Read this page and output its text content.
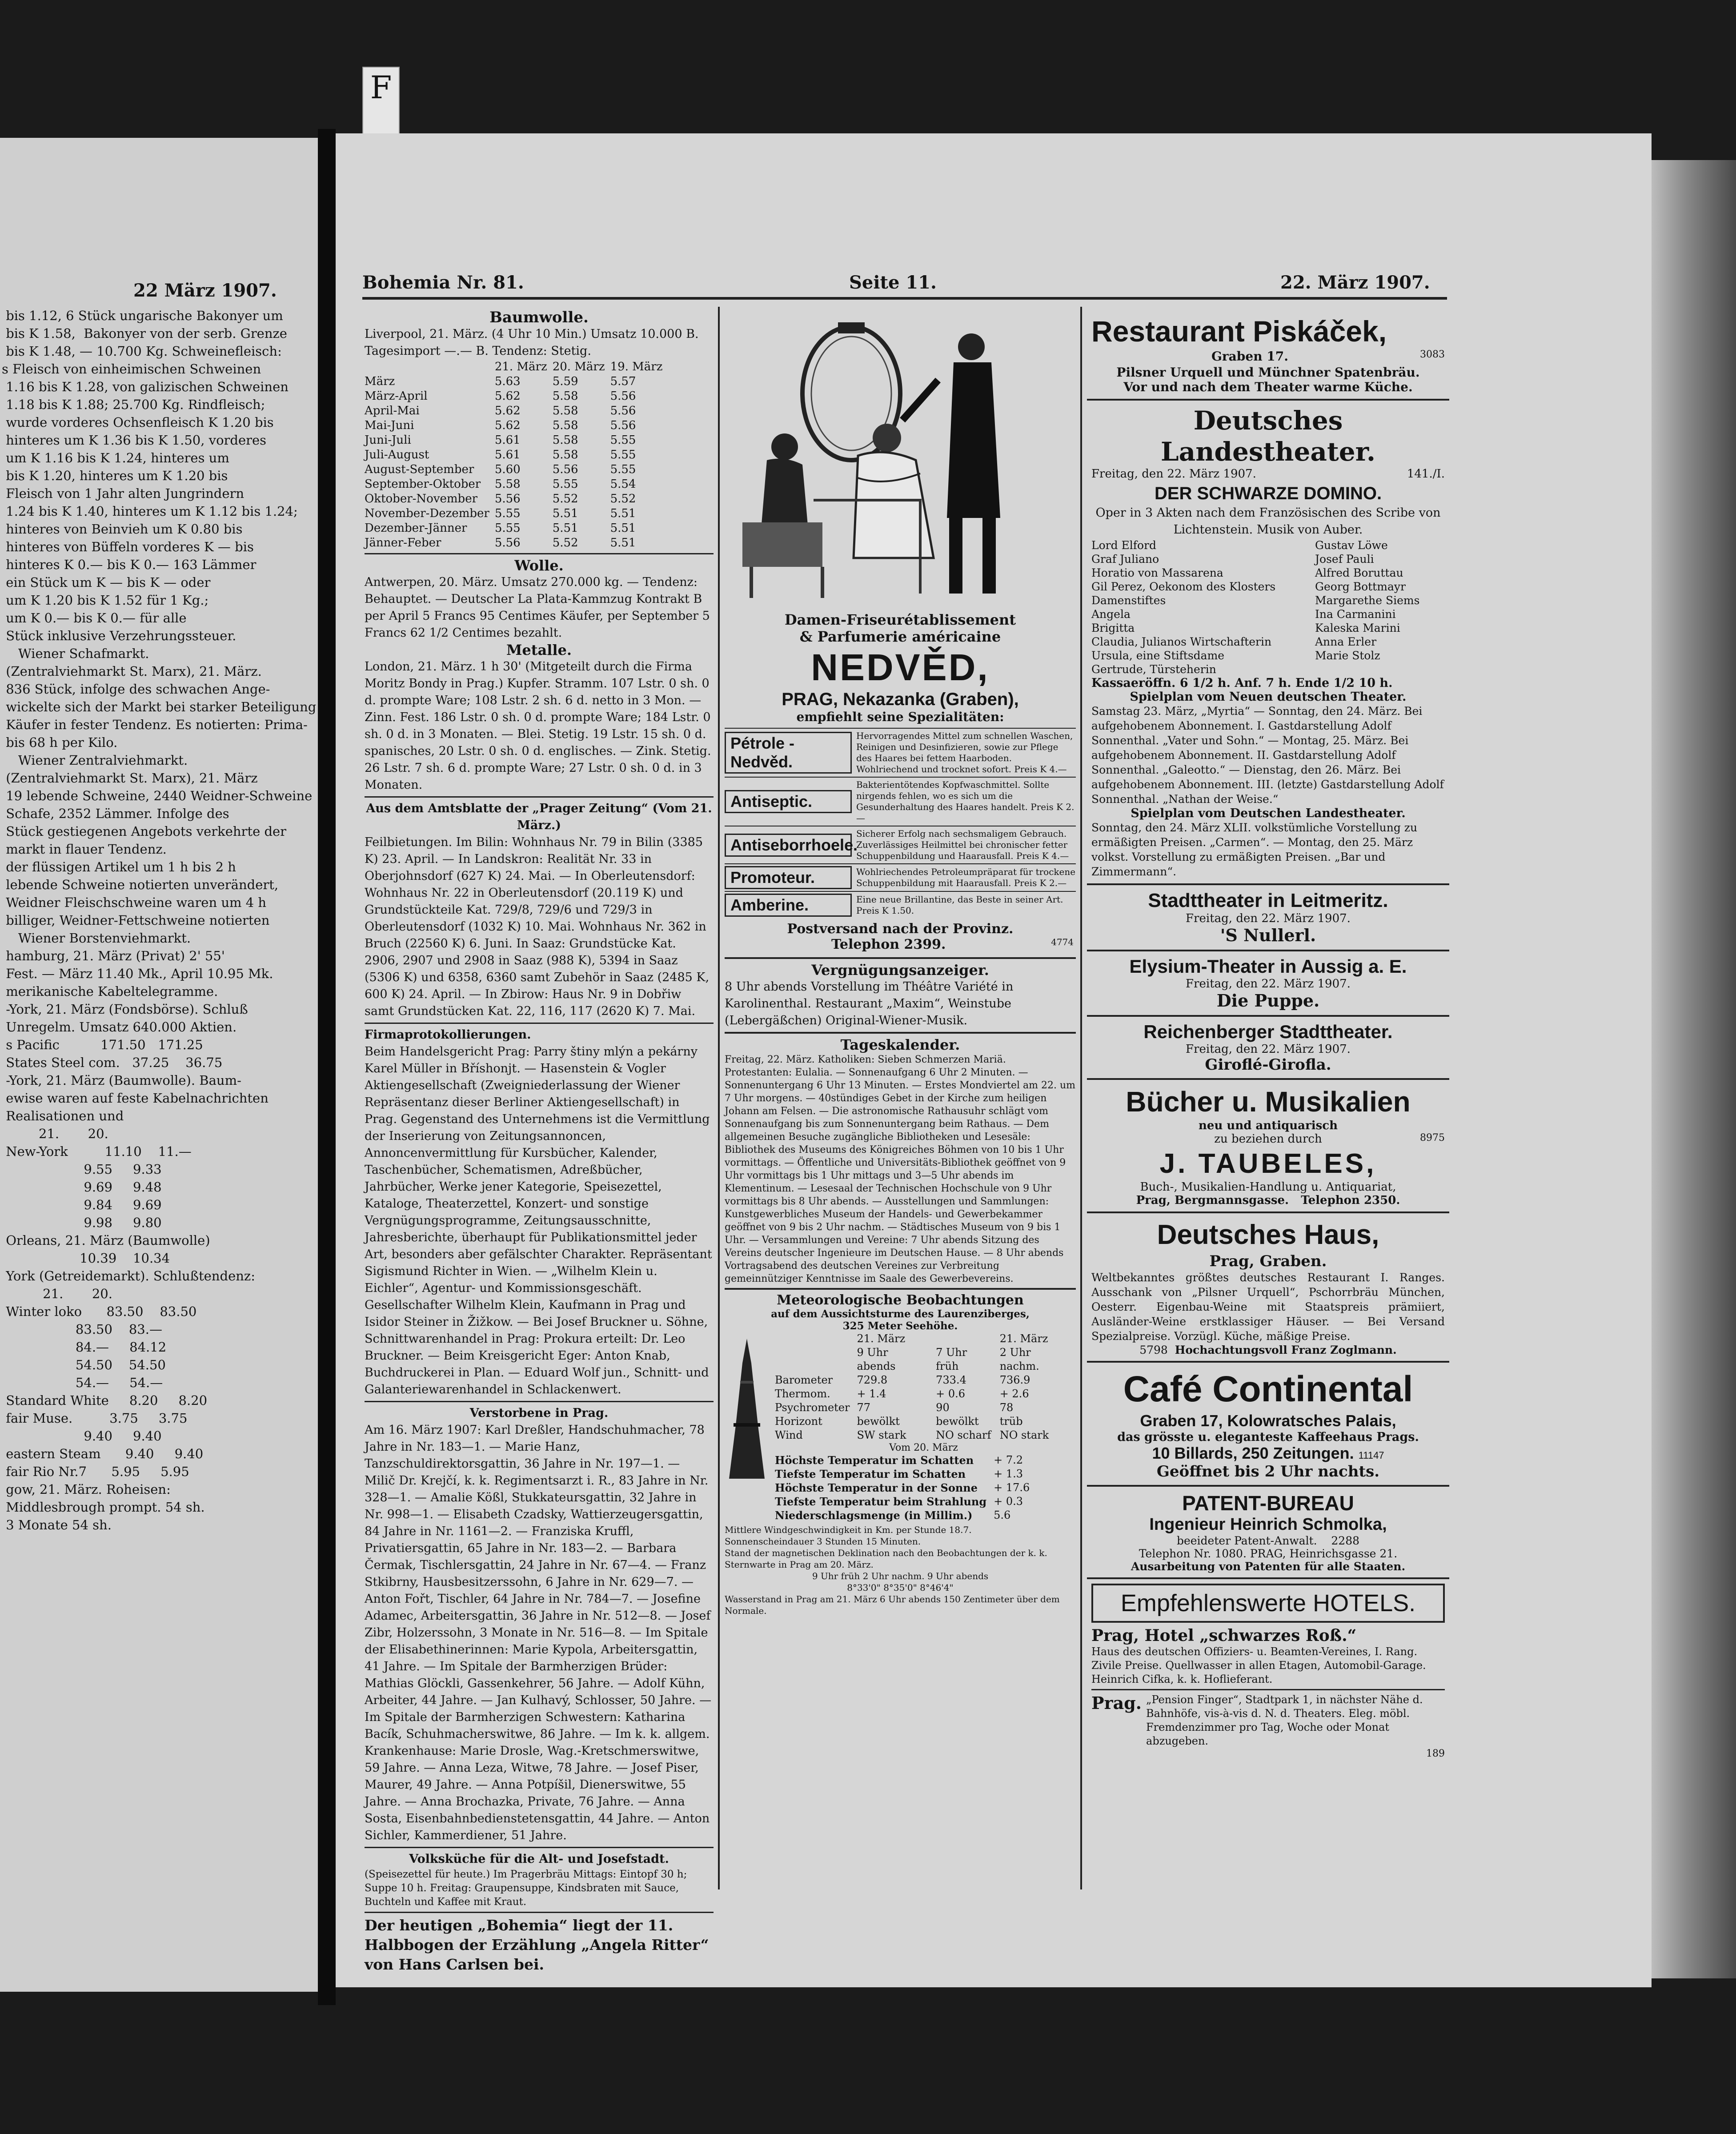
22 März 1907.
bis 1.12, 6 Stück ungarische Bakonyer um
bis K 1.58,  Bakonyer von der serb. Grenze
bis K 1.48, — 10.700 Kg. Schweinefleisch:
s Fleisch von einheimischen Schweinen
1.16 bis K 1.28, von galizischen Schweinen
1.18 bis K 1.88; 25.700 Kg. Rindfleisch;
wurde vorderes Ochsenfleisch K 1.20 bis
hinteres um K 1.36 bis K 1.50, vorderes
um K 1.16 bis K 1.24, hinteres um
bis K 1.20, hinteres um K 1.20 bis
Fleisch von 1 Jahr alten Jungrindern
1.24 bis K 1.40, hinteres um K 1.12 bis 1.24;
hinteres von Beinvieh um K 0.80 bis
hinteres von Büffeln vorderes K — bis
hinteres K 0.— bis K 0.— 163 Lämmer
ein Stück um K — bis K — oder
um K 1.20 bis K 1.52 für 1 Kg.;
um K 0.— bis K 0.— für alle
Stück inklusive Verzehrungssteuer.
Wiener Schafmarkt.
(Zentralviehmarkt St. Marx), 21. März.
836 Stück, infolge des schwachen Ange-
wickelte sich der Markt bei starker Beteiligung
Käufer in fester Tendenz. Es notierten: Prima-
bis 68 h per Kilo.
Wiener Zentralviehmarkt.
(Zentralviehmarkt St. Marx), 21. März
19 lebende Schweine, 2440 Weidner-Schweine
Schafe, 2352 Lämmer. Infolge des
Stück gestiegenen Angebots verkehrte der
markt in flauer Tendenz.
der flüssigen Artikel um 1 h bis 2 h
lebende Schweine notierten unverändert,
Weidner Fleischschweine waren um 4 h
billiger, Weidner-Fettschweine notierten
Wiener Borstenviehmarkt.
hamburg, 21. März (Privat) 2' 55'
Fest. — März 11.40 Mk., April 10.95 Mk.
merikanische Kabeltelegramme.
-York, 21. März (Fondsbörse). Schluß
Unregelm. Umsatz 640.000 Aktien.
s Pacific          171.50   171.25
States Steel com.   37.25    36.75
-York, 21. März (Baumwolle). Baum-
ewise waren auf feste Kabelnachrichten
Realisationen und
21.       20.
New-York         11.10    11.—
9.55     9.33
9.69     9.48
9.84     9.69
9.98     9.80
Orleans, 21. März (Baumwolle)
10.39    10.34
York (Getreidemarkt). Schlußtendenz:
21.       20.
Winter loko      83.50    83.50
83.50    83.—
84.—     84.12
54.50    54.50
54.—     54.—
Standard White     8.20     8.20
fair Muse.         3.75     3.75
9.40     9.40
eastern Steam      9.40     9.40
fair Rio Nr.7      5.95     5.95
gow, 21. März. Roheisen:
Middlesbrough prompt. 54 sh.
3 Monate 54 sh.
F
Bohemia Nr. 81.	Seite 11.	22. März 1907.

Baumwolle.

Liverpool, 21. März. (4 Uhr 10 Min.) Umsatz 10.000 B. Tagesimport —.— B. Tendenz: Stetig.

	21. März	20. März	19. März
März	5.63	5.59	5.57
März-April	5.62	5.58	5.56
April-Mai	5.62	5.58	5.56
Mai-Juni	5.62	5.58	5.56
Juni-Juli	5.61	5.58	5.55
Juli-August	5.61	5.58	5.55
August-September	5.60	5.56	5.55
September-Oktober	5.58	5.55	5.54
Oktober-November	5.56	5.52	5.52
November-Dezember	5.55	5.51	5.51
Dezember-Jänner	5.55	5.51	5.51
Jänner-Feber	5.56	5.52	5.51

Wolle.

Antwerpen, 20. März. Umsatz 270.000 kg. — Tendenz: Behauptet. — Deutscher La Plata-Kammzug Kontrakt B per April 5 Francs 95 Centimes Käufer, per September 5 Francs 62 1/2 Centimes bezahlt.

Metalle.

London, 21. März. 1 h 30' (Mitgeteilt durch die Firma Moritz Bondy in Prag.) Kupfer. Stramm. 107 Lstr. 0 sh. 0 d. prompte Ware; 108 Lstr. 2 sh. 6 d. netto in 3 Mon. — Zinn. Fest. 186 Lstr. 0 sh. 0 d. prompte Ware; 184 Lstr. 0 sh. 0 d. in 3 Monaten. — Blei. Stetig. 19 Lstr. 15 sh. 0 d. spanisches, 20 Lstr. 0 sh. 0 d. englisches. — Zink. Stetig. 26 Lstr. 7 sh. 6 d. prompte Ware; 27 Lstr. 0 sh. 0 d. in 3 Monaten.

Aus dem Amtsblatte der „Prager Zeitung“ (Vom 21. März.)

Feilbietungen. Im Bilin: Wohnhaus Nr. 79 in Bilin (3385 K) 23. April. — In Landskron: Realität Nr. 33 in Oberjohnsdorf (627 K) 24. Mai. — In Oberleutensdorf: Wohnhaus Nr. 22 in Oberleutensdorf (20.119 K) und Grundstückteile Kat. 729/8, 729/6 und 729/3 in Oberleutensdorf (1032 K) 10. Mai. Wohnhaus Nr. 362 in Bruch (22560 K) 6. Juni. In Saaz: Grundstücke Kat. 2906, 2907 und 2908 in Saaz (988 K), 5394 in Saaz (5306 K) und 6358, 6360 samt Zubehör in Saaz (2485 K, 600 K) 24. April. — In Zbirow: Haus Nr. 9 in Dobřiw samt Grundstücken Kat. 22, 116, 117 (2620 K) 7. Mai.

Firmaprotokollierungen.

Beim Handelsgericht Prag: Parry štiny mlýn a pekárny Karel Müller in Bříshonjt. — Hasenstein & Vogler Aktiengesellschaft (Zweigniederlassung der Wiener Repräsentanz dieser Berliner Aktiengesellschaft) in Prag. Gegenstand des Unternehmens ist die Vermittlung der Inserierung von Zeitungsannoncen, Annoncenvermittlung für Kursbücher, Kalender, Taschenbücher, Schematismen, Adreßbücher, Jahrbücher, Werke jener Kategorie, Speisezettel, Kataloge, Theaterzettel, Konzert- und sonstige Vergnügungsprogramme, Zeitungsausschnitte, Jahresberichte, überhaupt für Publikationsmittel jeder Art, besonders aber gefälschter Charakter. Repräsentant Sigismund Richter in Wien. — „Wilhelm Klein u. Eichler“, Agentur- und Kommissionsgeschäft. Gesellschafter Wilhelm Klein, Kaufmann in Prag und Isidor Steiner in Žižkow. — Bei Josef Bruckner u. Söhne, Schnittwarenhandel in Prag: Prokura erteilt: Dr. Leo Bruckner. — Beim Kreisgericht Eger: Anton Knab, Buchdruckerei in Plan. — Eduard Wolf jun., Schnitt- und Galanteriewarenhandel in Schlackenwert.

Verstorbene in Prag.

Am 16. März 1907: Karl Dreßler, Handschuhmacher, 78 Jahre in Nr. 183—1. — Marie Hanz, Tanzschuldirektorsgattin, 36 Jahre in Nr. 197—1. — Milič Dr. Krejčí, k. k. Regimentsarzt i. R., 83 Jahre in Nr. 328—1. — Amalie Kößl, Stukkateursgattin, 32 Jahre in Nr. 998—1. — Elisabeth Czadsky, Wattierzeugersgattin, 84 Jahre in Nr. 1161—2. — Franziska Kruffl, Privatiersgattin, 65 Jahre in Nr. 183—2. — Barbara Čermak, Tischlersgattin, 24 Jahre in Nr. 67—4. — Franz Stkibrny, Hausbesitzerssohn, 6 Jahre in Nr. 629—7. — Anton Fořt, Tischler, 64 Jahre in Nr. 784—7. — Josefine Adamec, Arbeitersgattin, 36 Jahre in Nr. 512—8. — Josef Zibr, Holzerssohn, 3 Monate in Nr. 516—8. — Im Spitale der Elisabethinerinnen: Marie Kypola, Arbeitersgattin, 41 Jahre. — Im Spitale der Barmherzigen Brüder: Mathias Glöckli, Gassenkehrer, 56 Jahre. — Adolf Kühn, Arbeiter, 44 Jahre. — Jan Kulhavý, Schlosser, 50 Jahre. — Im Spitale der Barmherzigen Schwestern: Katharina Bacík, Schuhmacherswitwe, 86 Jahre. — Im k. k. allgem. Krankenhause: Marie Drosle, Wag.-Kretschmerswitwe, 59 Jahre. — Anna Leza, Witwe, 78 Jahre. — Josef Piser, Maurer, 49 Jahre. — Anna Potpíšil, Dienerswitwe, 55 Jahre. — Anna Brochazka, Private, 76 Jahre. — Anna Sosta, Eisenbahnbedienstetensgattin, 44 Jahre. — Anton Sichler, Kammerdiener, 51 Jahre.

Volksküche für die Alt- und Josefstadt.

(Speisezettel für heute.) Im Pragerbräu Mittags: Eintopf 30 h; Suppe 10 h. Freitag: Graupensuppe, Kindsbraten mit Sauce, Buchteln und Kaffee mit Kraut.

Der heutigen „Bohemia“ liegt der 11. Halbbogen der Erzählung „Angela Ritter“ von Hans Carlsen bei.

Damen-Friseurétablissement
& Parfumerie américaine
NEDVĚD,
PRAG, Nekazanka (Graben),
empfiehlt seine Spezialitäten:
Pétrole - Nedvěd.
Hervorragendes Mittel zum schnellen Waschen, Reinigen und Desinfizieren, sowie zur Pflege des Haares bei fettem Haarboden. Wohlriechend und trocknet sofort. Preis K 4.—
Antiseptic.
Bakterientötendes Kopfwaschmittel. Sollte nirgends fehlen, wo es sich um die Gesunderhaltung des Haares handelt. Preis K 2.—
Antiseborrhoele.
Sicherer Erfolg nach sechsmaligem Gebrauch. Zuverlässiges Heilmittel bei chronischer fetter Schuppenbildung und Haarausfall. Preis K 4.—
Promoteur.	Wohlriechendes Petroleumpräparat für trockene Schuppenbildung mit Haarausfall. Preis K 2.—
Amberine.	Eine neue Brillantine, das Beste in seiner Art. Preis K 1.50.
Postversand nach der Provinz.
Telephon 2399.	4774
Vergnügungsanzeiger.

8 Uhr abends Vorstellung im Théâtre Variété in Karolinenthal. Restaurant „Maxim“, Weinstube (Lebergäßchen) Original-Wiener-Musik.

Tageskalender.

Freitag, 22. März. Katholiken: Sieben Schmerzen Mariä. Protestanten: Eulalia. — Sonnenaufgang 6 Uhr 2 Minuten. — Sonnenuntergang 6 Uhr 13 Minuten. — Erstes Mondviertel am 22. um 7 Uhr morgens. — 40stündiges Gebet in der Kirche zum heiligen Johann am Felsen. — Die astronomische Rathausuhr schlägt vom Sonnenaufgang bis zum Sonnenuntergang beim Rathaus. — Dem allgemeinen Besuche zugängliche Bibliotheken und Lesesäle: Bibliothek des Museums des Königreiches Böhmen von 10 bis 1 Uhr vormittags. — Öffentliche und Universitäts-Bibliothek geöffnet von 9 Uhr vormittags bis 1 Uhr mittags und 3—5 Uhr abends im Klementinum. — Lesesaal der Technischen Hochschule von 9 Uhr vormittags bis 8 Uhr abends. — Ausstellungen und Sammlungen: Kunstgewerbliches Museum der Handels- und Gewerbekammer geöffnet von 9 bis 2 Uhr nachm. — Städtisches Museum von 9 bis 1 Uhr. — Versammlungen und Vereine: 7 Uhr abends Sitzung des Vereins deutscher Ingenieure im Deutschen Hause. — 8 Uhr abends Vortragsabend des deutschen Vereines zur Verbreitung gemeinnütziger Kenntnisse im Saale des Gewerbevereins.

Meteorologische Beobachtungen
auf dem Aussichtsturme des Laurenziberges,
325 Meter Seehöhe.
	21. März		21. März
	9 Uhr abends	7 Uhr früh	2 Uhr nachm.
Barometer	729.8	733.4	736.9
Thermom.	+ 1.4	+ 0.6	+ 2.6
Psychrometer	77	90	78
Horizont	bewölkt	bewölkt	trüb
Wind	SW stark	NO scharf	NO stark
Vom 20. März
Höchste Temperatur im Schatten	+ 7.2
Tiefste Temperatur im Schatten	+ 1.3
Höchste Temperatur in der Sonne	+ 17.6
Tiefste Temperatur beim Strahlung	+ 0.3
Niederschlagsmenge (in Millim.)	5.6

Mittlere Windgeschwindigkeit in Km. per Stunde 18.7.

Sonnenscheindauer 3 Stunden 15 Minuten.

Stand der magnetischen Deklination nach den Beobachtungen der k. k. Sternwarte in Prag am 20. März.

9 Uhr früh 2 Uhr nachm. 9 Uhr abends

8°33'0" 8°35'0" 8°46'4"

Wasserstand in Prag am 21. März 6 Uhr abends 150 Zentimeter über dem Normale.

Restaurant Piskáček,
Graben 17.	3083
Pilsner Urquell und Münchner Spatenbräu.
Vor und nach dem Theater warme Küche.
Deutsches Landestheater.
Freitag, den 22. März 1907.	141./I.
DER SCHWARZE DOMINO.

Oper in 3 Akten nach dem Französischen des Scribe von Lichtenstein. Musik von Auber.

Lord Elford	Gustav Löwe
Graf Juliano	Josef Pauli
Horatio von Massarena	Alfred Boruttau
Gil Perez, Oekonom des Klosters	Georg Bottmayr
Damenstiftes	Margarethe Siems
Angela	Ina Carmanini
Brigitta	Kaleska Marini
Claudia, Julianos Wirtschafterin	Anna Erler
Ursula, eine Stiftsdame	Marie Stolz
Gertrude, Türsteherin	
Kassaeröffn. 6 1/2 h. Anf. 7 h. Ende 1/2 10 h.
Spielplan vom Neuen deutschen Theater.

Samstag 23. März, „Myrtia“ — Sonntag, den 24. März. Bei aufgehobenem Abonnement. I. Gastdarstellung Adolf Sonnenthal. „Vater und Sohn.“ — Montag, 25. März. Bei aufgehobenem Abonnement. II. Gastdarstellung Adolf Sonnenthal. „Galeotto.“ — Dienstag, den 26. März. Bei aufgehobenem Abonnement. III. (letzte) Gastdarstellung Adolf Sonnenthal. „Nathan der Weise.“

Spielplan vom Deutschen Landestheater.

Sonntag, den 24. März XLII. volkstümliche Vorstellung zu ermäßigten Preisen. „Carmen“. — Montag, den 25. März volkst. Vorstellung zu ermäßigten Preisen. „Bar und Zimmermann“.

Stadttheater in Leitmeritz.
Freitag, den 22. März 1907.
'S Nullerl.
Elysium-Theater in Aussig a. E.
Freitag, den 22. März 1907.
Die Puppe.
Reichenberger Stadttheater.
Freitag, den 22. März 1907.
Giroflé-Girofla.
Bücher u. Musikalien
neu und antiquarisch
zu beziehen durch	8975
J. TAUBELES,
Buch-, Musikalien-Handlung u. Antiquariat,
Prag, Bergmannsgasse. Telephon 2350.
Deutsches Haus,
Prag, Graben.

Weltbekanntes größtes deutsches Restaurant I. Ranges. Ausschank von „Pilsner Urquell“, Pschorrbräu München, Oesterr. Eigenbau-Weine mit Staatspreis prämiiert, Ausländer-Weine erstklassiger Häuser. — Bei Versand Spezialpreise. Vorzügl. Küche, mäßige Preise.

5798 Hochachtungsvoll Franz Zoglmann.
Café Continental
Graben 17, Kolowratsches Palais,
das grösste u. eleganteste Kaffeehaus Prags.
10 Billards, 250 Zeitungen. 11147
Geöffnet bis 2 Uhr nachts.
PATENT-BUREAU
Ingenieur Heinrich Schmolka,
beeideter Patent-Anwalt. 2288
Telephon Nr. 1080. PRAG, Heinrichsgasse 21.
Ausarbeitung von Patenten für alle Staaten.
Empfehlenswerte HOTELS.
Prag, Hotel „schwarzes Roß.“

Haus des deutschen Offiziers- u. Beamten-Vereines, I. Rang. Zivile Preise. Quellwasser in allen Etagen, Automobil-Garage. Heinrich Cifka, k. k. Hoflieferant.

Prag. „Pension Finger“, Stadtpark 1, in nächster Nähe d. Bahnhöfe, vis-à-vis d. N. d. Theaters. Eleg. möbl. Fremdenzimmer pro Tag, Woche oder Monat abzugeben.

189
